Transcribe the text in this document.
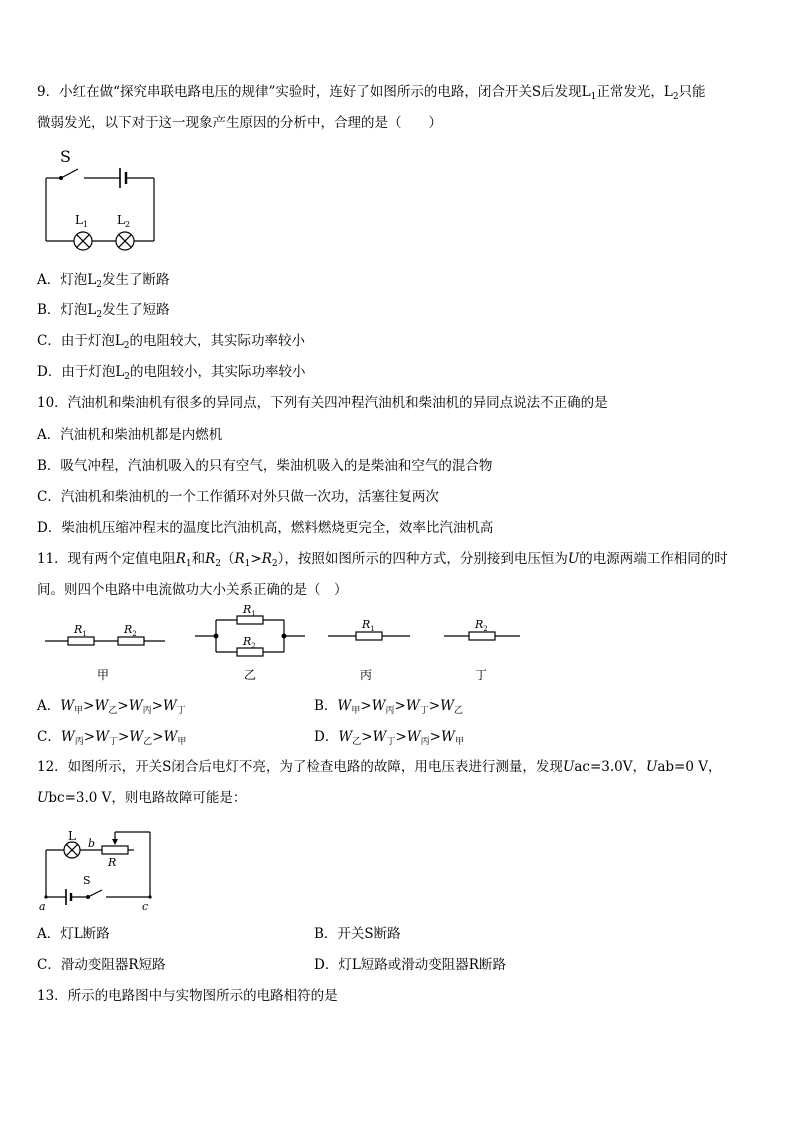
9．小红在做“探究串联电路电压的规律”实验时，连好了如图所示的电路，闭合开关S后发现$L_1$正常发光，$L_2$只能
微弱发光，以下对于这一现象产生原因的分析中，合理的是（　　）
S
$L_1$ $L_2$
A．灯泡$L_2$发生了断路
B．灯泡$L_2$发生了短路
C．由于灯泡$L_2$的电阻较大，其实际功率较小
D．由于灯泡$L_2$的电阻较小，其实际功率较小
10．汽油机和柴油机有很多的异同点，下列有关四冲程汽油机和柴油机的异同点说法不正确的是
A．汽油机和柴油机都是内燃机
B．吸气冲程，汽油机吸入的只有空气，柴油机吸入的是柴油和空气的混合物
C．汽油机和柴油机的一个工作循环对外只做一次功，活塞往复两次
D．柴油机压缩冲程末的温度比汽油机高，燃料燃烧更完全，效率比汽油机高
11．现有两个定值电阻$R_1$和$R_2(R_1>R_2)$，按照如图所示的四种方式，分别接到电压恒为U的电源两端工作相同的时
间。则四个电路中电流做功大小关系正确的是（　）
$R_1$	$R_2$
$R_1$
$R_2$
$R_1$	$R_2$
甲	乙	丙	丁
A．$W_甲>W_乙>W_丙>W_丁$	B．$W_甲>W_丙>W_丁>W_乙$
C．$W_丙>W_丁>W_乙>W_甲$	D．$W_乙>W_丁>W_丙>W_甲$
12．如图所示，开关S闭合后电灯不亮，为了检查电路的故障，用电压表进行测量，发现Uac=3.0V，Uab=0 V，
Ubc=3.0 V，则电路故障可能是：
L
b
R
S
a	c
A．灯L断路	B．开关S断路
C．滑动变阻器R短路	D．灯L短路或滑动变阻器R断路
13．所示的电路图中与实物图所示的电路相符的是
